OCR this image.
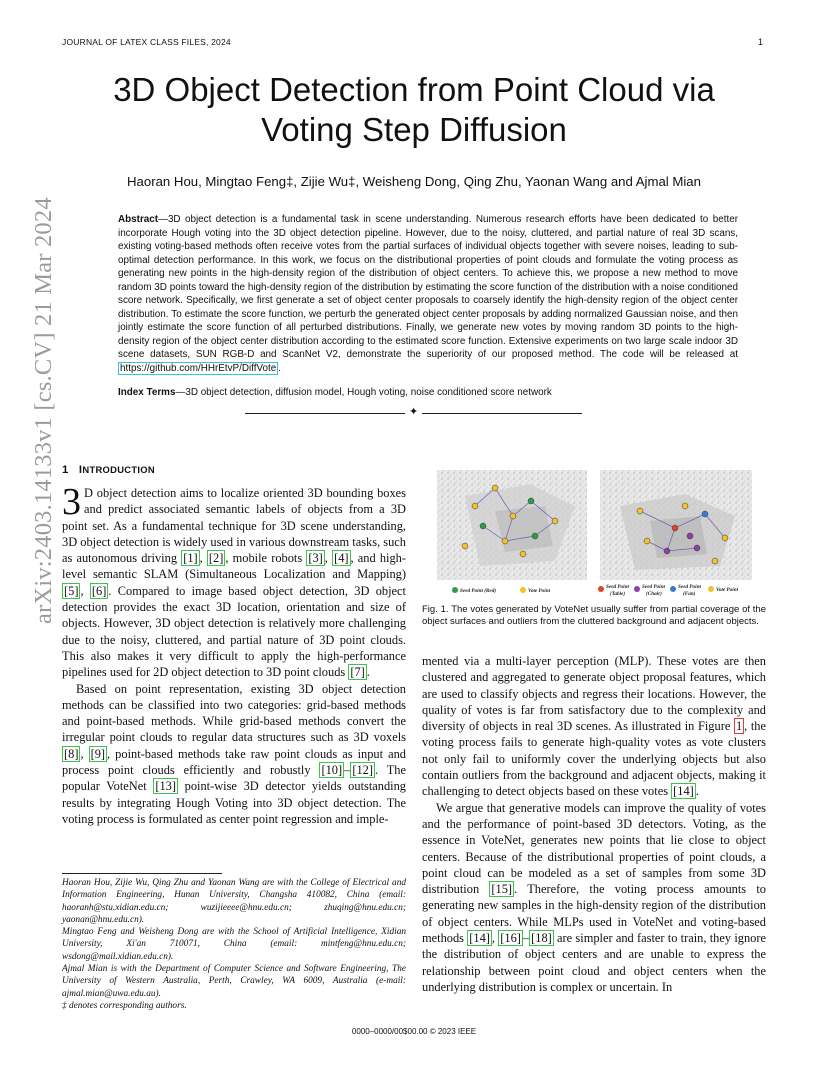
JOURNAL OF LATEX CLASS FILES, 2024	1
arXiv:2403.14133v1 [cs.CV] 21 Mar 2024
3D Object Detection from Point Cloud via Voting Step Diffusion
Haoran Hou, Mingtao Feng‡, Zijie Wu‡, Weisheng Dong, Qing Zhu, Yaonan Wang and Ajmal Mian
Abstract—3D object detection is a fundamental task in scene understanding. Numerous research efforts have been dedicated to better incorporate Hough voting into the 3D object detection pipeline. However, due to the noisy, cluttered, and partial nature of real 3D scans, existing voting-based methods often receive votes from the partial surfaces of individual objects together with severe noises, leading to sub-optimal detection performance. In this work, we focus on the distributional properties of point clouds and formulate the voting process as generating new points in the high-density region of the distribution of object centers. To achieve this, we propose a new method to move random 3D points toward the high-density region of the distribution by estimating the score function of the distribution with a noise conditioned score network. Specifically, we first generate a set of object center proposals to coarsely identify the high-density region of the object center distribution. To estimate the score function, we perturb the generated object center proposals by adding normalized Gaussian noise, and then jointly estimate the score function of all perturbed distributions. Finally, we generate new votes by moving random 3D points to the high-density region of the object center distribution according to the estimated score function. Extensive experiments on two large scale indoor 3D scene datasets, SUN RGB-D and ScanNet V2, demonstrate the superiority of our proposed method. The code will be released at https://github.com/HHrEtvP/DiffVote .
Index Terms—3D object detection, diffusion model, Hough voting, noise conditioned score network
✦
1 INTRODUCTION

3 D object detection aims to localize oriented 3D bounding boxes and predict associated semantic labels of objects from a 3D point set. As a fundamental technique for 3D scene understanding, 3D object detection is widely used in various downstream tasks, such as autonomous driving [1] , [2] , mobile robots [3] , [4] , and high-level semantic SLAM (Simultaneous Localization and Mapping) [5] , [6] . Compared to image based object detection, 3D object detection provides the exact 3D location, orientation and size of objects. However, 3D object detection is relatively more challenging due to the noisy, cluttered, and partial nature of 3D point clouds. This also makes it very difficult to apply the high-performance pipelines used for 2D object detection to 3D point clouds [7] .

Based on point representation, existing 3D object detection methods can be classified into two categories: grid-based methods and point-based methods. While grid-based methods convert the irregular point clouds to regular data structures such as 3D voxels [8] , [9] , point-based methods take raw point clouds as input and process point clouds efficiently and robustly [10] – [12] . The popular VoteNet [13] point-wise 3D detector yields outstanding results by integrating Hough Voting into 3D object detection. The voting process is formulated as center point regression and imple-

Haoran Hou, Zijie Wu, Qing Zhu and Yaonan Wang are with the College of Electrical and Information Engineering, Hunan University, Changsha 410082, China (email: haoranh@stu.xidian.edu.cn; wuzijieeee@hnu.edu.cn; zhuqing@hnu.edu.cn; yaonan@hnu.edu.cn).

Mingtao Feng and Weisheng Dong are with the School of Artificial Intelligence, Xidian University, Xi'an 710071, China (email: mintfeng@hnu.edu.cn; wsdong@mail.xidian.edu.cn).

Ajmal Mian is with the Department of Computer Science and Software Engineering, The University of Western Australia, Perth, Crawley, WA 6009, Australia (e-mail: ajmal.mian@uwa.edu.au).

‡ denotes corresponding authors.

Seed Point (Red)	Vote Point
Seed Point
(Table)
Seed Point
(Chair)
Seed Point
(Fan)
Vote Point
Fig. 1. The votes generated by VoteNet usually suffer from partial coverage of the object surfaces and outliers from the cluttered background and adjacent objects.

mented via a multi-layer perception (MLP). These votes are then clustered and aggregated to generate object proposal features, which are used to classify objects and regress their locations. However, the quality of votes is far from satisfactory due to the complexity and diversity of objects in real 3D scenes. As illustrated in Figure 1 , the voting process fails to generate high-quality votes as vote clusters not only fail to uniformly cover the underlying objects but also contain outliers from the background and adjacent objects, making it challenging to detect objects based on these votes [14] .

We argue that generative models can improve the quality of votes and the performance of point-based 3D detectors. Voting, as the essence in VoteNet, generates new points that lie close to object centers. Because of the distributional properties of point clouds, a point cloud can be modeled as a set of samples from some 3D distribution [15] . Therefore, the voting process amounts to generating new samples in the high-density region of the distribution of object centers. While MLPs used in VoteNet and voting-based methods [14] , [16] – [18] are simpler and faster to train, they ignore the distribution of object centers and are unable to express the relationship between point cloud and object centers when the underlying distribution is complex or uncertain. In

0000–0000/00$00.00 © 2023 IEEE
